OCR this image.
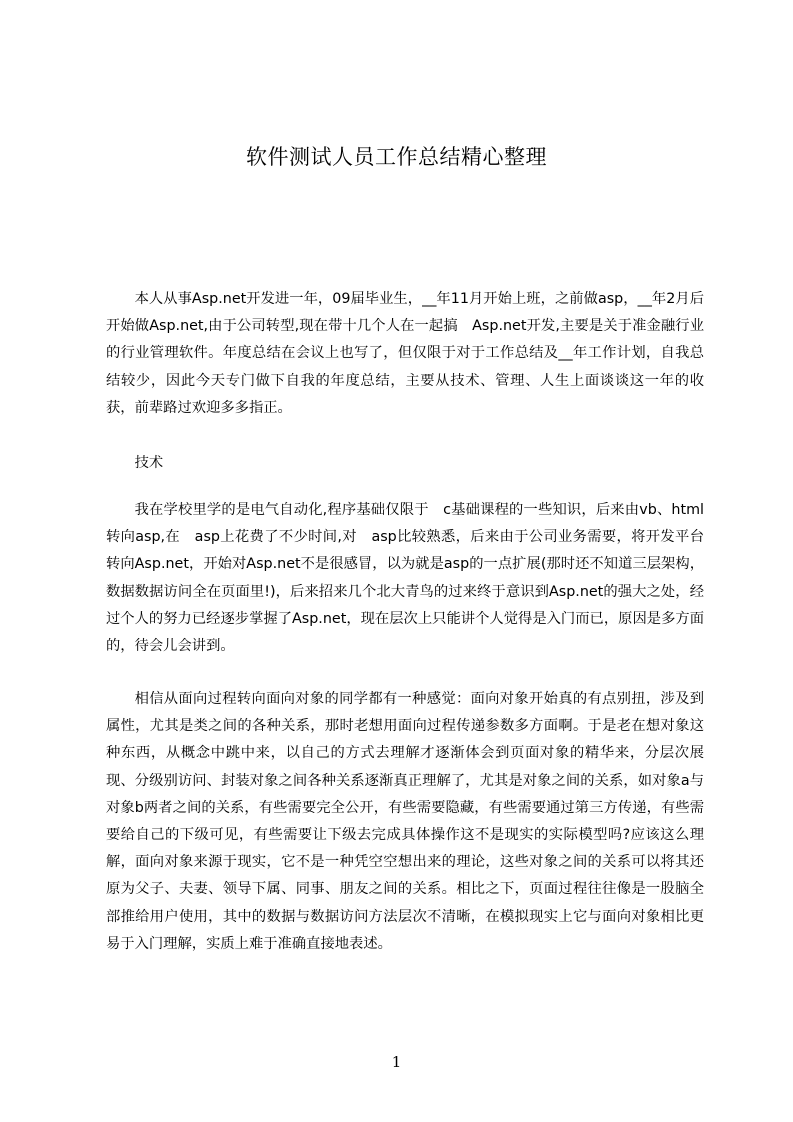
软件测试人员工作总结精心整理

本人从事Asp.net开发进一年，09届毕业生，__年11月开始上班，之前做asp，__年2月后开始做Asp.net,由于公司转型,现在带十几个人在一起搞　Asp.net开发,主要是关于准金融行业的行业管理软件。年度总结在会议上也写了，但仅限于对于工作总结及__年工作计划，自我总结较少，因此今天专门做下自我的年度总结，主要从技术、管理、人生上面谈谈这一年的收获，前辈路过欢迎多多指正。

技术

我在学校里学的是电气自动化,程序基础仅限于　c基础课程的一些知识，后来由vb、html转向asp,在　asp上花费了不少时间,对　asp比较熟悉，后来由于公司业务需要，将开发平台转向Asp.net，开始对Asp.net不是很感冒，以为就是asp的一点扩展(那时还不知道三层架构，数据数据访问全在页面里!)，后来招来几个北大青鸟的过来终于意识到Asp.net的强大之处，经过个人的努力已经逐步掌握了Asp.net，现在层次上只能讲个人觉得是入门而已，原因是多方面的，待会儿会讲到。

相信从面向过程转向面向对象的同学都有一种感觉：面向对象开始真的有点别扭，涉及到属性，尤其是类之间的各种关系，那时老想用面向过程传递参数多方面啊。于是老在想对象这种东西，从概念中跳中来，以自己的方式去理解才逐渐体会到页面对象的精华来，分层次展现、分级别访问、封装对象之间各种关系逐渐真正理解了，尤其是对象之间的关系，如对象a与对象b两者之间的关系，有些需要完全公开，有些需要隐藏，有些需要通过第三方传递，有些需要给自己的下级可见，有些需要让下级去完成具体操作这不是现实的实际模型吗?应该这么理解，面向对象来源于现实，它不是一种凭空空想出来的理论，这些对象之间的关系可以将其还原为父子、夫妻、领导下属、同事、朋友之间的关系。相比之下，页面过程往往像是一股脑全部推给用户使用，其中的数据与数据访问方法层次不清晰，在模拟现实上它与面向对象相比更易于入门理解，实质上难于准确直接地表述。

1
